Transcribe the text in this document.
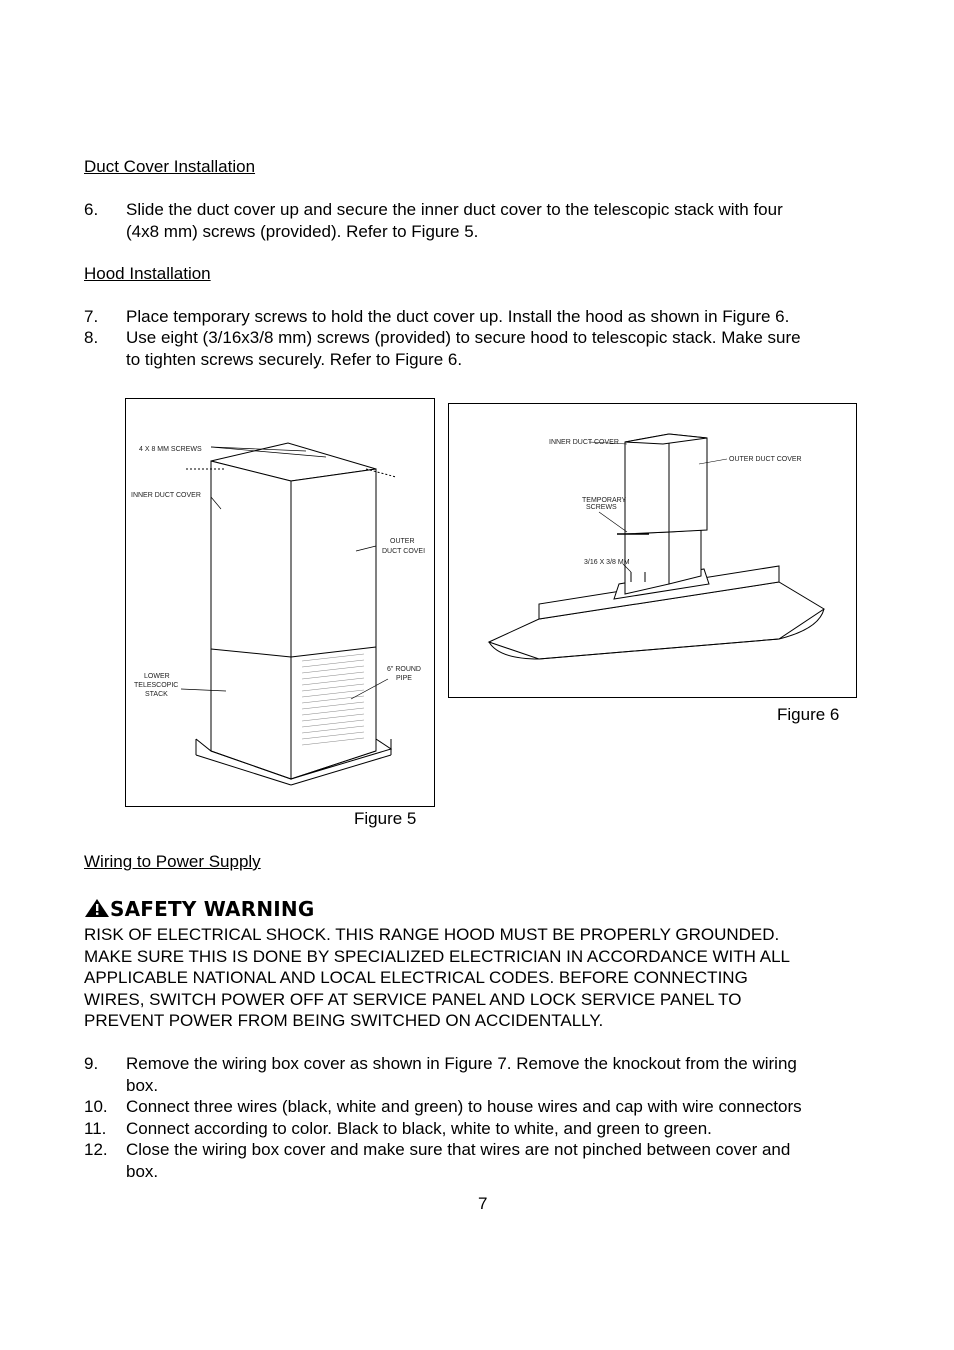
Duct Cover Installation
6. Slide the duct cover up and secure the inner duct cover to the telescopic stack with four
(4x8 mm) screws (provided). Refer to Figure 5.
Hood Installation
7. Place temporary screws to hold the duct cover up. Install the hood as shown in Figure 6.
8. Use eight (3/16x3/8 mm) screws (provided) to secure hood to telescopic stack. Make sure
to tighten screws securely. Refer to Figure 6.
4 X 8 MM SCREWS
INNER DUCT COVER
OUTER
DUCT COVEI
LOWER
TELESCOPIC
STACK
6" ROUND
PIPE
INNER DUCT COVER
OUTER DUCT COVER
TEMPORARY
SCREWS
3/16 X 3/8 MM
Figure 6
Figure 5
Wiring to Power Supply
SAFETY WARNING
RISK OF ELECTRICAL SHOCK. THIS RANGE HOOD MUST BE PROPERLY GROUNDED.
MAKE SURE THIS IS DONE BY SPECIALIZED ELECTRICIAN IN ACCORDANCE WITH ALL
APPLICABLE NATIONAL AND LOCAL ELECTRICAL CODES. BEFORE CONNECTING
WIRES, SWITCH POWER OFF AT SERVICE PANEL AND LOCK SERVICE PANEL TO
PREVENT POWER FROM BEING SWITCHED ON ACCIDENTALLY.
9. Remove the wiring box cover as shown in Figure 7. Remove the knockout from the wiring
box.
10. Connect three wires (black, white and green) to house wires and cap with wire connectors
11. Connect according to color. Black to black, white to white, and green to green.
12. Close the wiring box cover and make sure that wires are not pinched between cover and
box.
7
